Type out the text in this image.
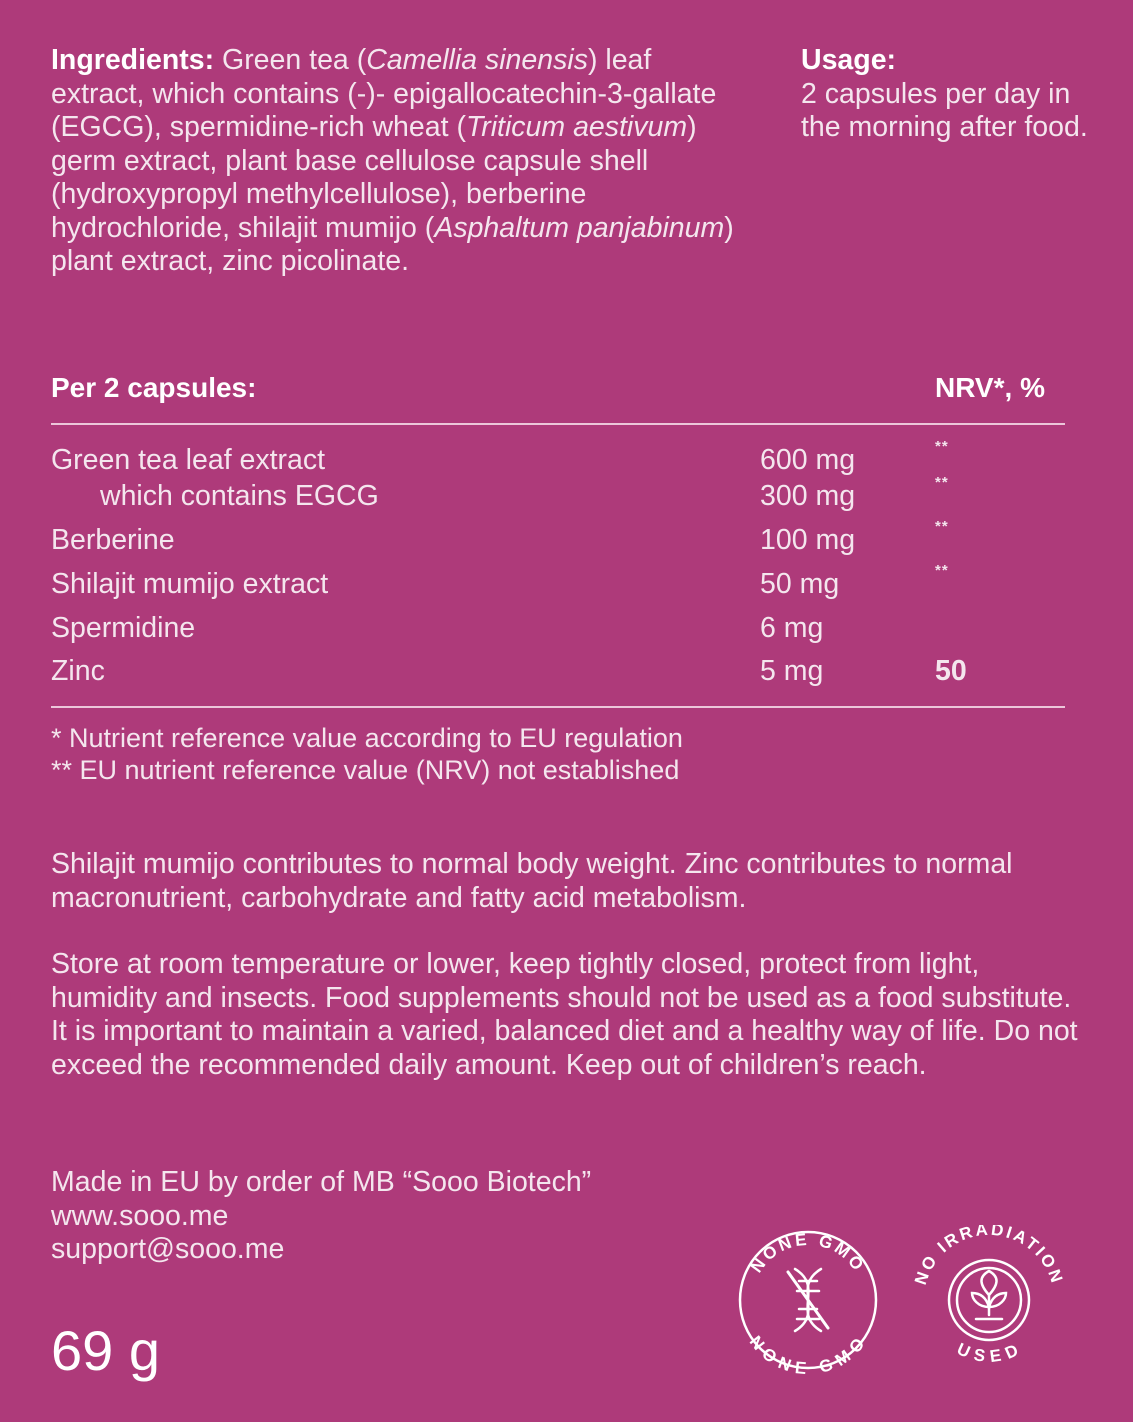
Ingredients: Green tea (Camellia sinensis) leaf extract, which contains (-)- epigallocatechin-3-gallate (EGCG), spermidine-rich wheat (Triticum aestivum) germ extract, plant base cellulose capsule shell (hydroxypropyl methylcellulose), berberine hydrochloride, shilajit mumijo (Asphaltum panjabinum) plant extract, zinc picolinate.
Usage:
2 capsules per day in the morning after food.
Per 2 capsules:	NRV*, %
Green tea leaf extract	600 mg	**
which contains EGCG	300 mg	**
Berberine	100 mg	**
Shilajit mumijo extract	50 mg	**
Spermidine	6 mg
Zinc	5 mg	50
* Nutrient reference value according to EU regulation
** EU nutrient reference value (NRV) not established
Shilajit mumijo contributes to normal body weight. Zinc contributes to normal macronutrient, carbohydrate and fatty acid metabolism.
Store at room temperature or lower, keep tightly closed, protect from light, humidity and insects. Food supplements should not be used as a food substitute. It is important to maintain a varied, balanced diet and a healthy way of life. Do not exceed the recommended daily amount. Keep out of children’s reach.
Made in EU by order of MB “Sooo Biotech”
www.sooo.me
support@sooo.me
69 g
NONE GMO
NONE GMO
O IRRADIATIO
USED
